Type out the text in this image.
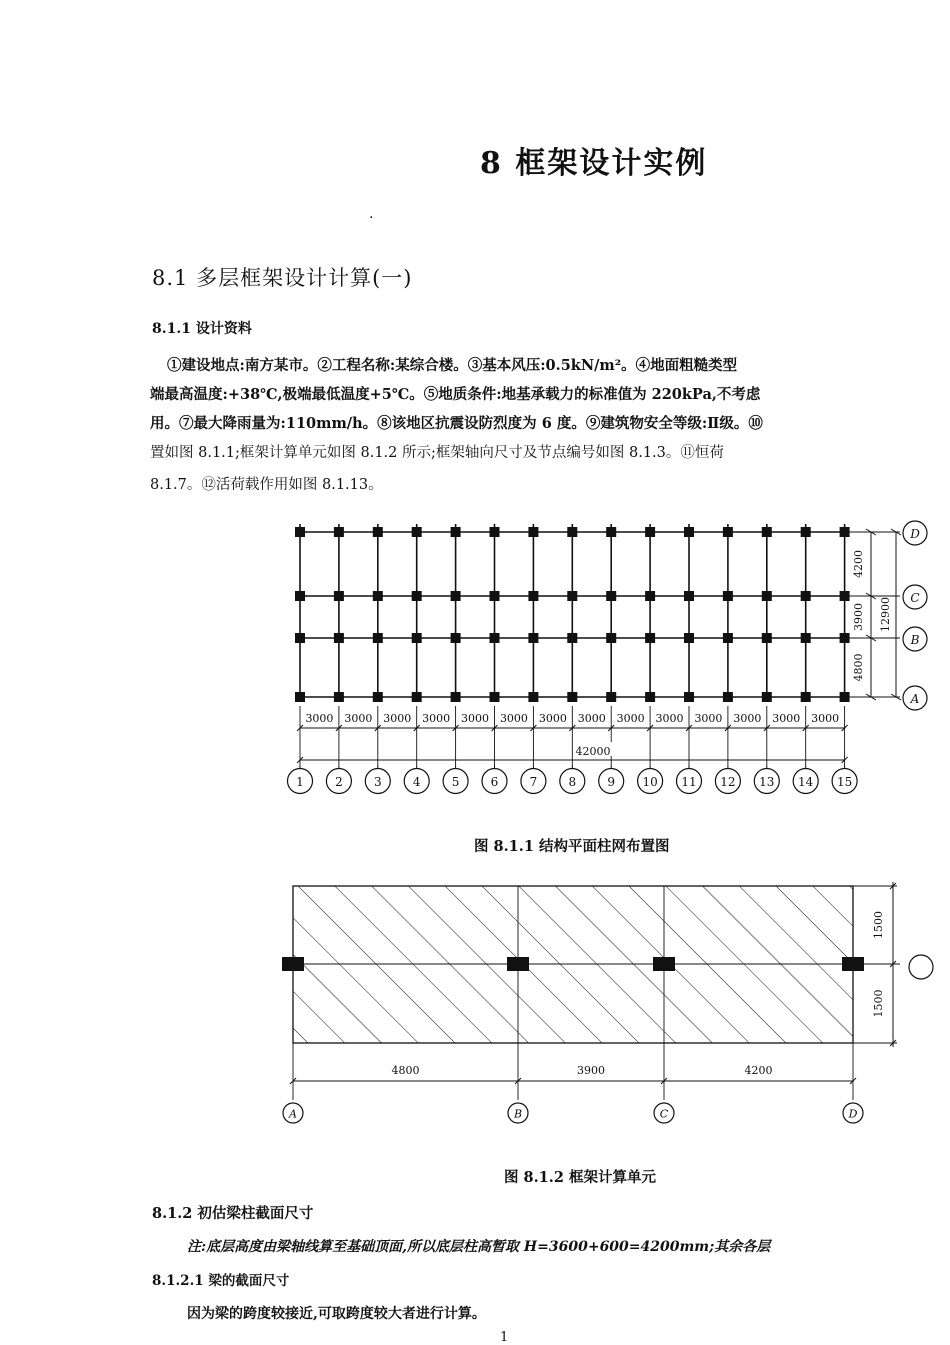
8 框架设计实例
.
8.1 多层框架设计计算(一)
8.1.1 设计资料
①建设地点:南方某市。②工程名称:某综合楼。③基本风压:0.5kN/m²。④地面粗糙类型
端最高温度:+38℃,极端最低温度+5℃。⑤地质条件:地基承载力的标准值为 220kPa,不考虑
用。⑦最大降雨量为:110mm/h。⑧该地区抗震设防烈度为 6 度。⑨建筑物安全等级:Ⅱ级。⑩
置如图 8.1.1;框架计算单元如图 8.1.2 所示;框架轴向尺寸及节点编号如图 8.1.3。⑪恒荷
8.1.7。⑫活荷载作用如图 8.1.13。
D
C
B
A
4200
3900
4800
12900
3000 3000 3000 3000 3000 3000 3000 3000 3000 3000 3000 3000 3000 3000
42000
1	2	3	4	5	6	7	8	9 10 11 12 13 14 15
1500
1500
4800	3900	4200
A	B	C	D
图 8.1.1 结构平面柱网布置图
图 8.1.2 框架计算单元
8.1.2 初估梁柱截面尺寸
注:底层高度由梁轴线算至基础顶面,所以底层柱高暂取 H=3600+600=4200mm;其余各层
8.1.2.1 梁的截面尺寸
因为梁的跨度较接近,可取跨度较大者进行计算。
1
